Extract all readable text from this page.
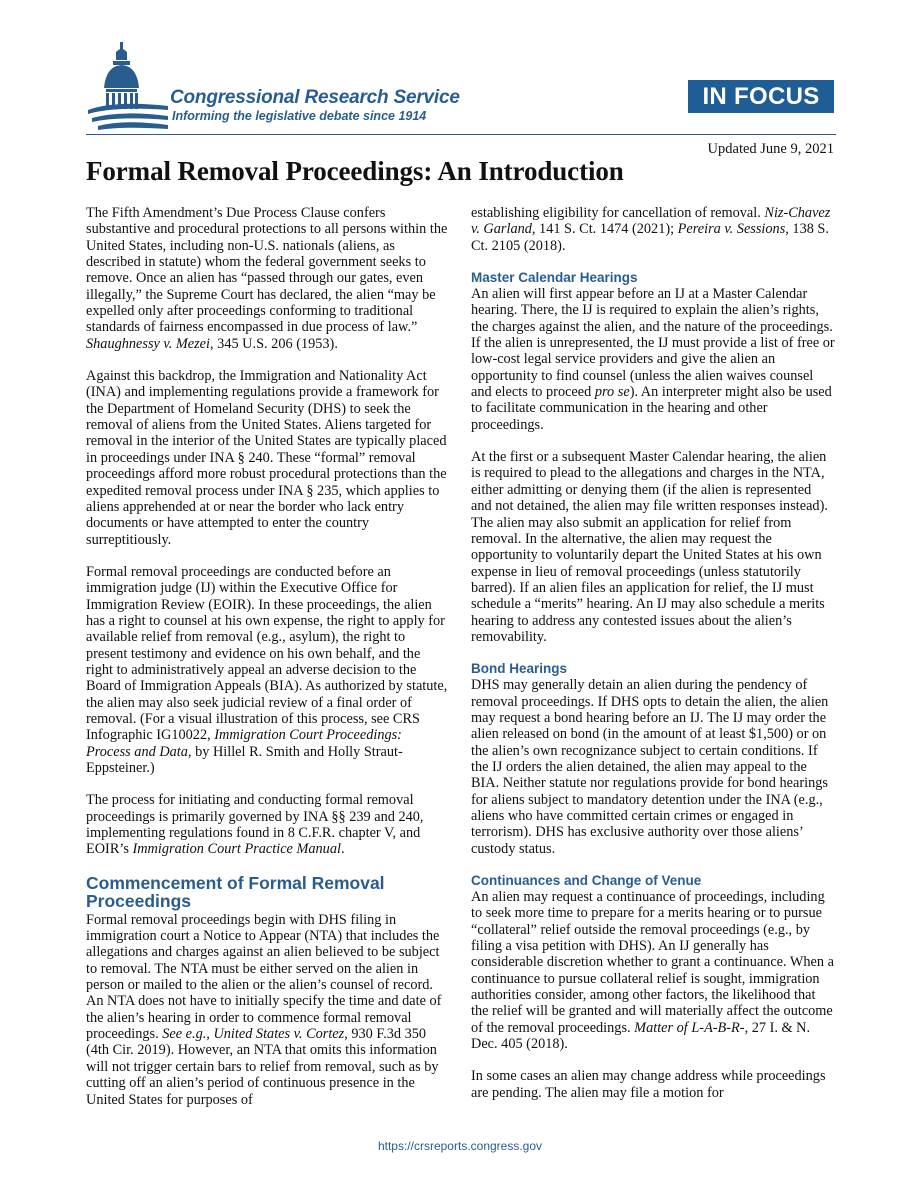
Congressional Research Service
Informing the legislative debate since 1914
IN FOCUS
Updated June 9, 2021
Formal Removal Proceedings: An Introduction

The Fifth Amendment’s Due Process Clause confers substantive and procedural protections to all persons within the United States, including non-U.S. nationals (aliens, as described in statute) whom the federal government seeks to remove. Once an alien has “passed through our gates, even illegally,” the Supreme Court has declared, the alien “may be expelled only after proceedings conforming to traditional standards of fairness encompassed in due process of law.” Shaughnessy v. Mezei, 345 U.S. 206 (1953).

Against this backdrop, the Immigration and Nationality Act (INA) and implementing regulations provide a framework for the Department of Homeland Security (DHS) to seek the removal of aliens from the United States. Aliens targeted for removal in the interior of the United States are typically placed in proceedings under INA § 240. These “formal” removal proceedings afford more robust procedural protections than the expedited removal process under INA § 235, which applies to aliens apprehended at or near the border who lack entry documents or have attempted to enter the country surreptitiously.

Formal removal proceedings are conducted before an immigration judge (IJ) within the Executive Office for Immigration Review (EOIR). In these proceedings, the alien has a right to counsel at his own expense, the right to apply for available relief from removal (e.g., asylum), the right to present testimony and evidence on his own behalf, and the right to administratively appeal an adverse decision to the Board of Immigration Appeals (BIA). As authorized by statute, the alien may also seek judicial review of a final order of removal. (For a visual illustration of this process, see CRS Infographic IG10022, Immigration Court Proceedings: Process and Data, by Hillel R. Smith and Holly Straut-Eppsteiner.)

The process for initiating and conducting formal removal proceedings is primarily governed by INA §§ 239 and 240, implementing regulations found in 8 C.F.R. chapter V, and EOIR’s Immigration Court Practice Manual.

Commencement of Formal Removal Proceedings

Formal removal proceedings begin with DHS filing in immigration court a Notice to Appear (NTA) that includes the allegations and charges against an alien believed to be subject to removal. The NTA must be either served on the alien in person or mailed to the alien or the alien’s counsel of record. An NTA does not have to initially specify the time and date of the alien’s hearing in order to commence formal removal proceedings. See e.g., United States v. Cortez, 930 F.3d 350 (4th Cir. 2019). However, an NTA that omits this information will not trigger certain bars to relief from removal, such as by cutting off an alien’s period of continuous presence in the United States for purposes of

establishing eligibility for cancellation of removal. Niz-Chavez v. Garland, 141 S. Ct. 1474 (2021); Pereira v. Sessions, 138 S. Ct. 2105 (2018).

Master Calendar Hearings

An alien will first appear before an IJ at a Master Calendar hearing. There, the IJ is required to explain the alien’s rights, the charges against the alien, and the nature of the proceedings. If the alien is unrepresented, the IJ must provide a list of free or low-cost legal service providers and give the alien an opportunity to find counsel (unless the alien waives counsel and elects to proceed pro se). An interpreter might also be used to facilitate communication in the hearing and other proceedings.

At the first or a subsequent Master Calendar hearing, the alien is required to plead to the allegations and charges in the NTA, either admitting or denying them (if the alien is represented and not detained, the alien may file written responses instead). The alien may also submit an application for relief from removal. In the alternative, the alien may request the opportunity to voluntarily depart the United States at his own expense in lieu of removal proceedings (unless statutorily barred). If an alien files an application for relief, the IJ must schedule a “merits” hearing. An IJ may also schedule a merits hearing to address any contested issues about the alien’s removability.

Bond Hearings

DHS may generally detain an alien during the pendency of removal proceedings. If DHS opts to detain the alien, the alien may request a bond hearing before an IJ. The IJ may order the alien released on bond (in the amount of at least $1,500) or on the alien’s own recognizance subject to certain conditions. If the IJ orders the alien detained, the alien may appeal to the BIA. Neither statute nor regulations provide for bond hearings for aliens subject to mandatory detention under the INA (e.g., aliens who have committed certain crimes or engaged in terrorism). DHS has exclusive authority over those aliens’ custody status.

Continuances and Change of Venue

An alien may request a continuance of proceedings, including to seek more time to prepare for a merits hearing or to pursue “collateral” relief outside the removal proceedings (e.g., by filing a visa petition with DHS). An IJ generally has considerable discretion whether to grant a continuance. When a continuance to pursue collateral relief is sought, immigration authorities consider, among other factors, the likelihood that the relief will be granted and will materially affect the outcome of the removal proceedings. Matter of L-A-B-R-, 27 I. & N. Dec. 405 (2018).

In some cases an alien may change address while proceedings are pending. The alien may file a motion for

https://crsreports.congress.gov
